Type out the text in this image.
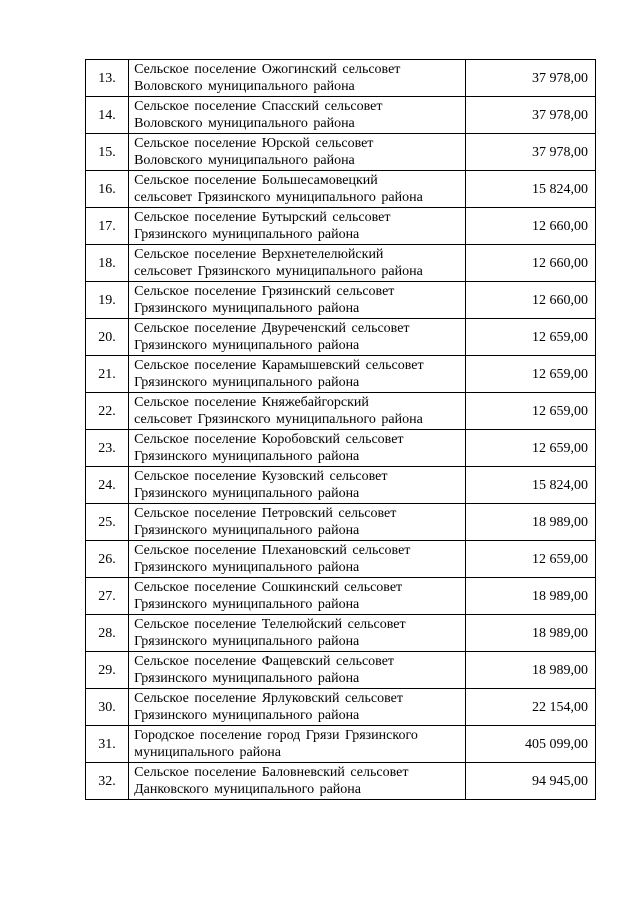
13.	Сельское поселение Ожогинский сельсовет
Воловского муниципального района	37 978,00
14.	Сельское поселение Спасский сельсовет
Воловского муниципального района	37 978,00
15.	Сельское поселение Юрской сельсовет
Воловского муниципального района	37 978,00
16.	Сельское поселение Большесамовецкий
сельсовет Грязинского муниципального района	15 824,00
17.	Сельское поселение Бутырский сельсовет
Грязинского муниципального района	12 660,00
18.	Сельское поселение Верхнетелелюйский
сельсовет Грязинского муниципального района	12 660,00
19.	Сельское поселение Грязинский сельсовет
Грязинского муниципального района	12 660,00
20.	Сельское поселение Двуреченский сельсовет
Грязинского муниципального района	12 659,00
21.	Сельское поселение Карамышевский сельсовет
Грязинского муниципального района	12 659,00
22.	Сельское поселение Княжебайгорский
сельсовет Грязинского муниципального района	12 659,00
23.	Сельское поселение Коробовский сельсовет
Грязинского муниципального района	12 659,00
24.	Сельское поселение Кузовский сельсовет
Грязинского муниципального района	15 824,00
25.	Сельское поселение Петровский сельсовет
Грязинского муниципального района	18 989,00
26.	Сельское поселение Плехановский сельсовет
Грязинского муниципального района	12 659,00
27.	Сельское поселение Сошкинский сельсовет
Грязинского муниципального района	18 989,00
28.	Сельское поселение Телелюйский сельсовет
Грязинского муниципального района	18 989,00
29.	Сельское поселение Фащевский сельсовет
Грязинского муниципального района	18 989,00
30.	Сельское поселение Ярлуковский сельсовет
Грязинского муниципального района	22 154,00
31.	Городское поселение город Грязи Грязинского
муниципального района	405 099,00
32.	Сельское поселение Баловневский сельсовет
Данковского муниципального района	94 945,00
